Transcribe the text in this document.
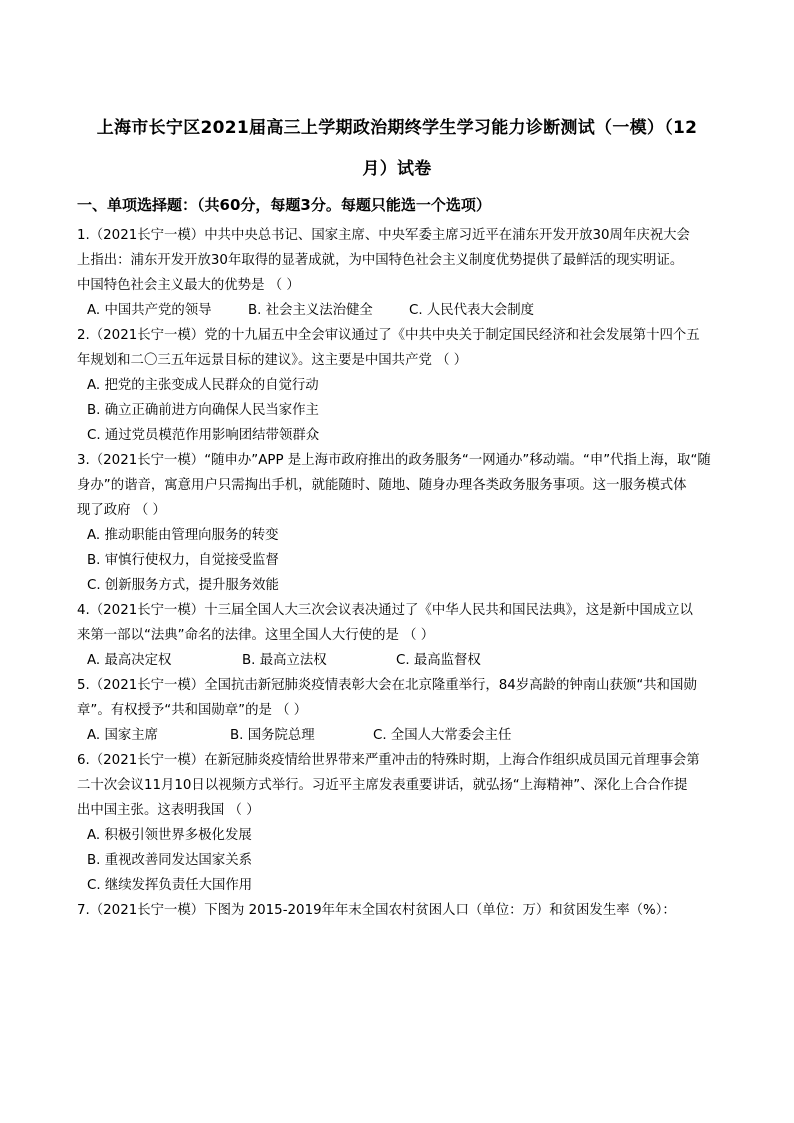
上海市长宁区2021届高三上学期政治期终学生学习能力诊断测试（一模）（12
月）试卷
一、单项选择题：（共60分，每题3分。每题只能选一个选项）
1.（2021长宁一模）中共中央总书记、国家主席、中央军委主席习近平在浦东开发开放30周年庆祝大会
上指出：浦东开发开放30年取得的显著成就，为中国特色社会主义制度优势提供了最鲜活的现实明证。
中国特色社会主义最大的优势是 （ ）
A. 中国共产党的领导	B. 社会主义法治健全	C. 人民代表大会制度
2.（2021长宁一模）党的十九届五中全会审议通过了《中共中央关于制定国民经济和社会发展第十四个五
年规划和二〇三五年远景目标的建议》。这主要是中国共产党 （ ）
A. 把党的主张变成人民群众的自觉行动
B. 确立正确前进方向确保人民当家作主
C. 通过党员模范作用影响团结带领群众
3.（2021长宁一模）“随申办”APP 是上海市政府推出的政务服务“一网通办”移动端。“申”代指上海，取“随
身办”的谐音，寓意用户只需掏出手机，就能随时、随地、随身办理各类政务服务事项。这一服务模式体
现了政府 （ ）
A. 推动职能由管理向服务的转变
B. 审慎行使权力，自觉接受监督
C. 创新服务方式，提升服务效能
4.（2021长宁一模）十三届全国人大三次会议表决通过了《中华人民共和国民法典》，这是新中国成立以
来第一部以“法典”命名的法律。这里全国人大行使的是 （ ）
A. 最高决定权	B. 最高立法权	C. 最高监督权
5.（2021长宁一模）全国抗击新冠肺炎疫情表彰大会在北京隆重举行，84岁高龄的钟南山获颁“共和国勋
章”。有权授予“共和国勋章”的是 （ ）
A. 国家主席	B. 国务院总理	C. 全国人大常委会主任
6.（2021长宁一模）在新冠肺炎疫情给世界带来严重冲击的特殊时期，上海合作组织成员国元首理事会第
二十次会议11月10日以视频方式举行。习近平主席发表重要讲话，就弘扬“上海精神”、深化上合合作提
出中国主张。这表明我国 （ ）
A. 积极引领世界多极化发展
B. 重视改善同发达国家关系
C. 继续发挥负责任大国作用
7.（2021长宁一模）下图为 2015-2019年年末全国农村贫困人口（单位：万）和贫困发生率（%）：
